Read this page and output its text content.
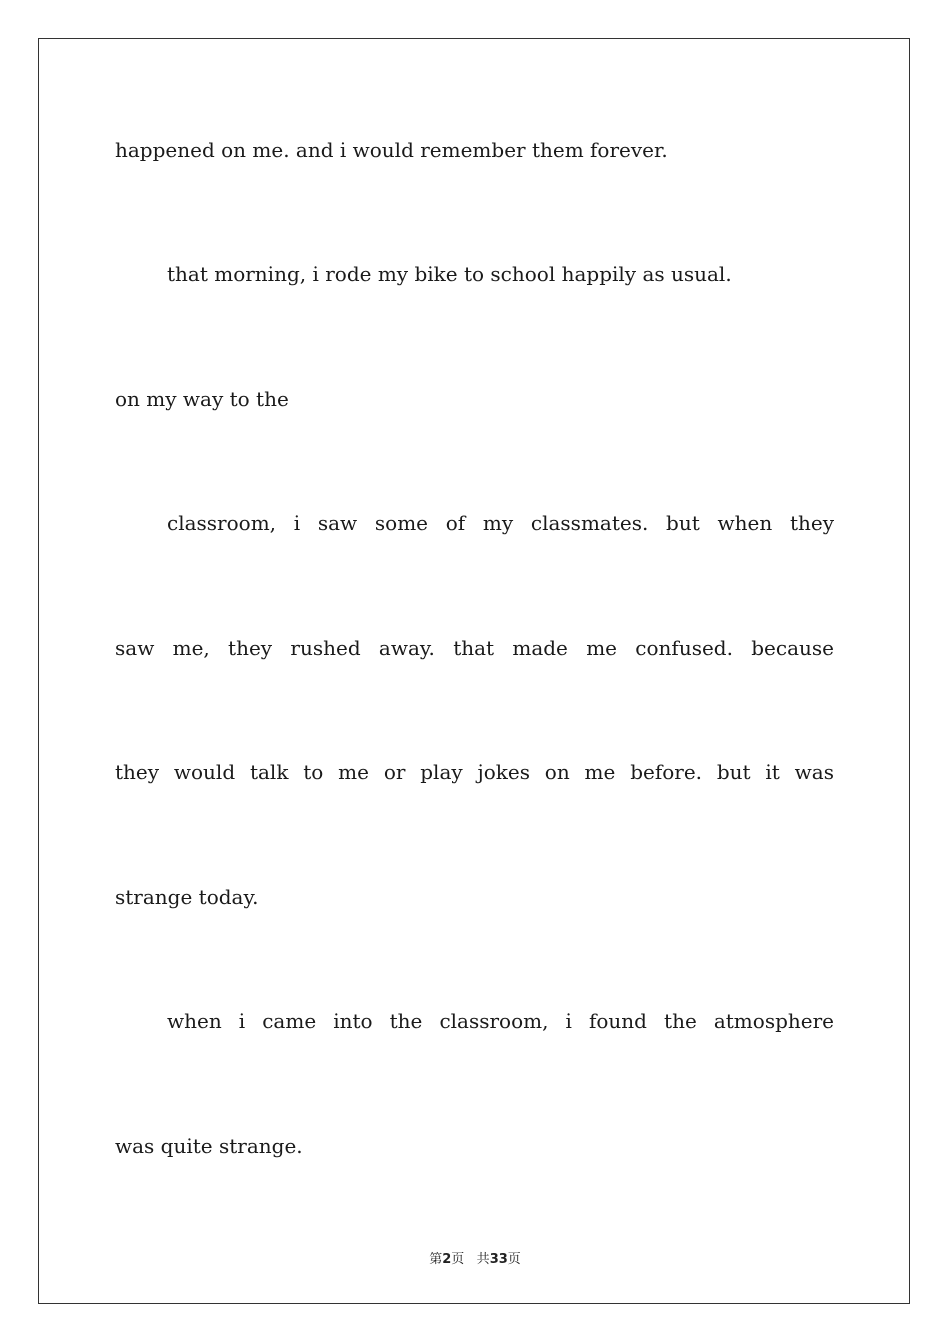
happened on me. and i would remember them forever.
that morning, i rode my bike to school happily as usual.
on my way to the
classroom, i saw some of my classmates. but when they
saw me, they rushed away. that made me confused. because
they would talk to me or play jokes on me before. but it was
strange today.
when i came into the classroom, i found the atmosphere
was quite strange.
第2页 共33页
